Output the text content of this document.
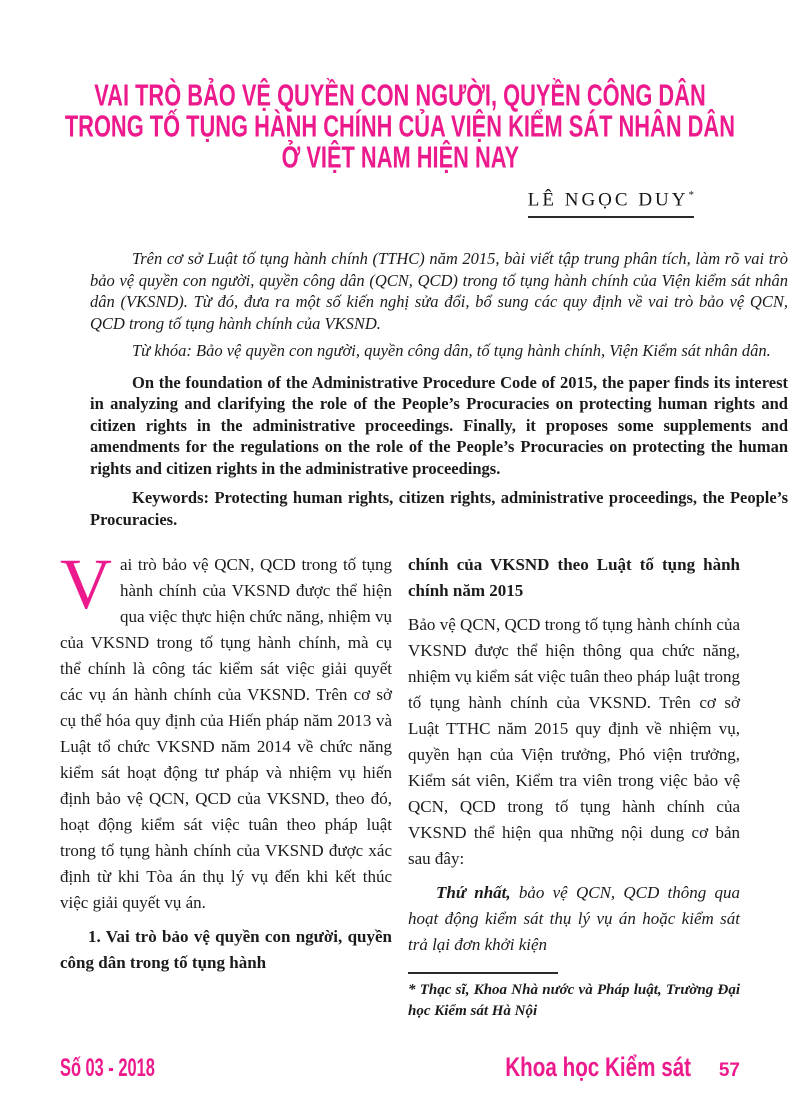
VAI TRÒ BẢO VỆ QUYỀN CON NGƯỜI, QUYỀN CÔNG DÂN
TRONG TỐ TỤNG HÀNH CHÍNH CỦA VIỆN KIỂM SÁT NHÂN DÂN
Ở VIỆT NAM HIỆN NAY
LÊ NGỌC DUY*

Trên cơ sở Luật tố tụng hành chính (TTHC) năm 2015, bài viết tập trung phân tích, làm rõ vai trò bảo vệ quyền con người, quyền công dân (QCN, QCD) trong tố tụng hành chính của Viện kiểm sát nhân dân (VKSND). Từ đó, đưa ra một số kiến nghị sửa đổi, bổ sung các quy định về vai trò bảo vệ QCN, QCD trong tố tụng hành chính của VKSND.

Từ khóa: Bảo vệ quyền con người, quyền công dân, tố tụng hành chính, Viện Kiểm sát nhân dân.

On the foundation of the Administrative Procedure Code of 2015, the paper finds its interest in analyzing and clarifying the role of the People’s Procuracies on protecting human rights and citizen rights in the administrative proceedings. Finally, it proposes some supplements and amendments for the regulations on the role of the People’s Procuracies on protecting the human rights and citizen rights in the administrative proceedings.

Keywords: Protecting human rights, citizen rights, administrative proceedings, the People’s Procuracies.

Vai trò bảo vệ QCN, QCD trong tố tụng hành chính của VKSND được thể hiện qua việc thực hiện chức năng, nhiệm vụ của VKSND trong tố tụng hành chính, mà cụ thể chính là công tác kiểm sát việc giải quyết các vụ án hành chính của VKSND. Trên cơ sở cụ thể hóa quy định của Hiến pháp năm 2013 và Luật tổ chức VKSND năm 2014 về chức năng kiểm sát hoạt động tư pháp và nhiệm vụ hiến định bảo vệ QCN, QCD của VKSND, theo đó, hoạt động kiểm sát việc tuân theo pháp luật trong tố tụng hành chính của VKSND được xác định từ khi Tòa án thụ lý vụ đến khi kết thúc việc giải quyết vụ án.

1. Vai trò bảo vệ quyền con người, quyền công dân trong tố tụng hành

chính của VKSND theo Luật tố tụng hành chính năm 2015

Bảo vệ QCN, QCD trong tố tụng hành chính của VKSND được thể hiện thông qua chức năng, nhiệm vụ kiểm sát việc tuân theo pháp luật trong tố tụng hành chính của VKSND. Trên cơ sở Luật TTHC năm 2015 quy định về nhiệm vụ, quyền hạn của Viện trưởng, Phó viện trưởng, Kiểm sát viên, Kiểm tra viên trong việc bảo vệ QCN, QCD trong tố tụng hành chính của VKSND thể hiện qua những nội dung cơ bản sau đây:

Thứ nhất, bảo vệ QCN, QCD thông qua hoạt động kiểm sát thụ lý vụ án hoặc kiểm sát trả lại đơn khởi kiện

* Thạc sĩ, Khoa Nhà nước và Pháp luật, Trường Đại học Kiểm sát Hà Nội

Số 03 - 2018	Khoa học Kiểm sát 57
